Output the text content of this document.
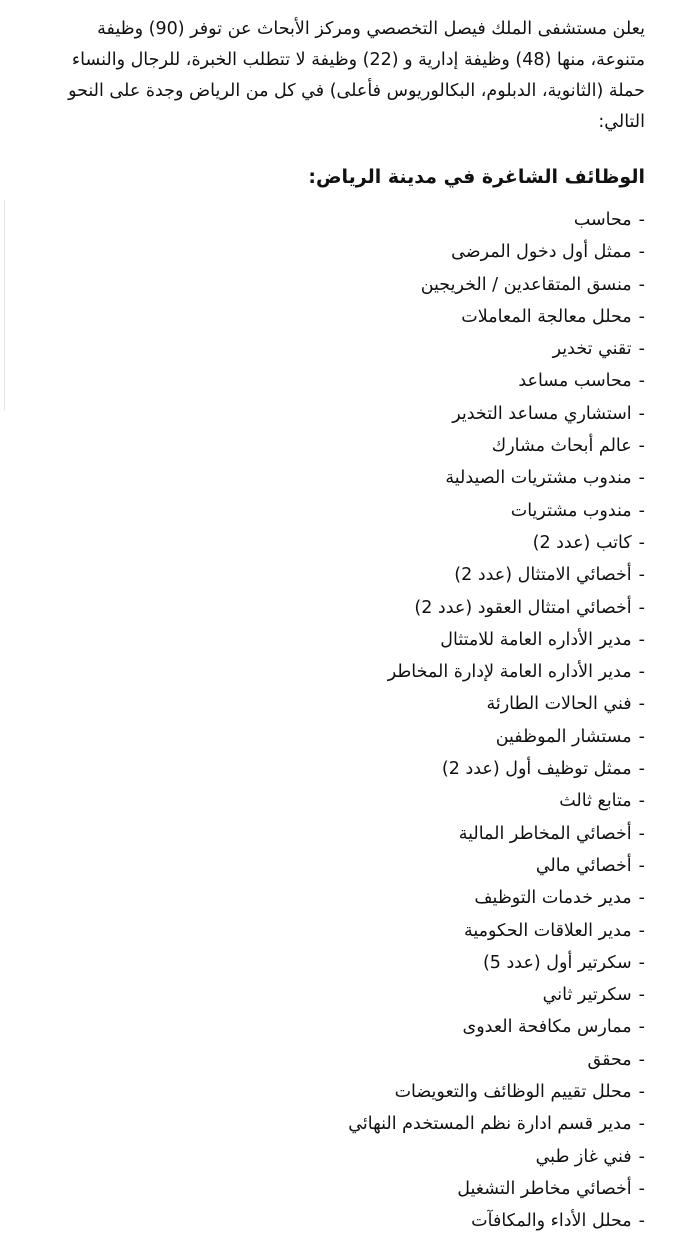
يعلن مستشفى الملك فيصل التخصصي ومركز الأبحاث عن توفر (90) وظيفة
متنوعة، منها (48) وظيفة إدارية و (22) وظيفة لا تتطلب الخبرة، للرجال والنساء
حملة (الثانوية، الدبلوم، البكالوريوس فأعلى) في كل من الرياض وجدة على النحو
التالي:

الوظائف الشاغرة في مدينة الرياض:
-محاسب
-ممثل أول دخول المرضى
-منسق المتقاعدين / الخريجين
-محلل معالجة المعاملات
-تقني تخدير
-محاسب مساعد
-استشاري مساعد التخدير
-عالم أبحاث مشارك
-مندوب مشتريات الصيدلية
-مندوب مشتريات
-كاتب (عدد 2)
-أخصائي الامتثال (عدد 2)
-أخصائي امتثال العقود (عدد 2)
-مدير الأداره العامة للامتثال
-مدير الأداره العامة لإدارة المخاطر
-فني الحالات الطارئة
-مستشار الموظفين
-ممثل توظيف أول (عدد 2)
-متابع ثالث
-أخصائي المخاطر المالية
-أخصائي مالي
-مدير خدمات التوظيف
-مدير العلاقات الحكومية
-سكرتير أول (عدد 5)
-سكرتير ثاني
-ممارس مكافحة العدوى
-محقق
-محلل تقييم الوظائف والتعويضات
-مدير قسم ادارة نظم المستخدم النهائي
-فني غاز طبي
-أخصائي مخاطر التشغيل
-محلل الأداء والمكافآت
